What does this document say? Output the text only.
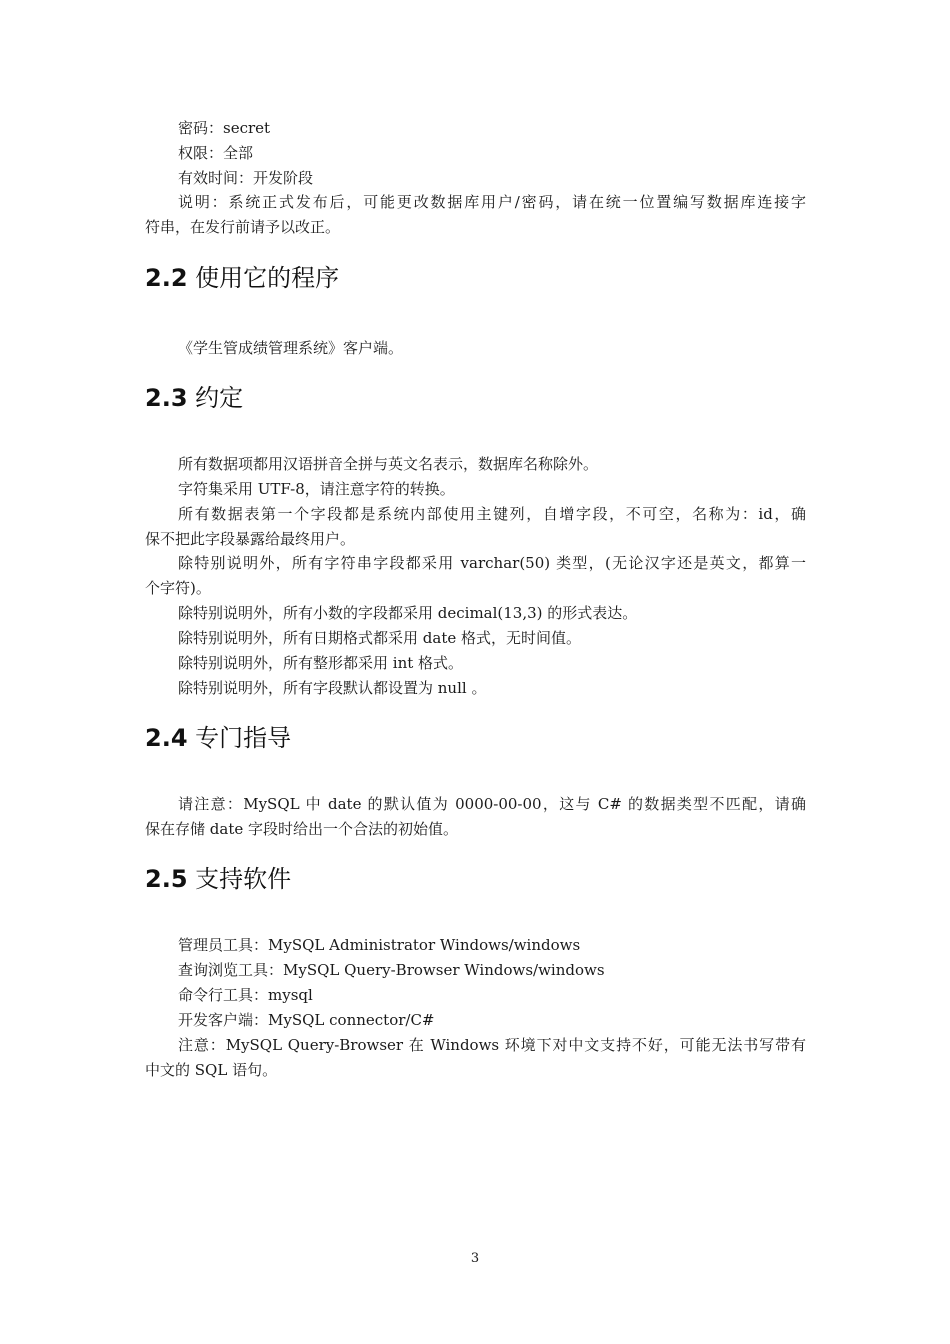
密码：secret
权限：全部
有效时间：开发阶段
说明：系统正式发布后，可能更改数据库用户/密码，请在统一位置编写数据库连接字
符串，在发行前请予以改正。
2.2 使用它的程序
《学生管成绩管理系统》客户端。
2.3 约定
所有数据项都用汉语拼音全拼与英文名表示，数据库名称除外。
字符集采用 UTF-8，请注意字符的转换。
所有数据表第一个字段都是系统内部使用主键列，自增字段，不可空，名称为：id，确
保不把此字段暴露给最终用户。
除特别说明外，所有字符串字段都采用 varchar(50) 类型，(无论汉字还是英文，都算一
个字符)。
除特别说明外，所有小数的字段都采用 decimal(13,3) 的形式表达。
除特别说明外，所有日期格式都采用 date 格式，无时间值。
除特别说明外，所有整形都采用 int 格式。
除特别说明外，所有字段默认都设置为 null 。
2.4 专门指导
请注意：MySQL 中 date 的默认值为 0000-00-00，这与 C# 的数据类型不匹配，请确
保在存储 date 字段时给出一个合法的初始值。
2.5 支持软件
管理员工具：MySQL Administrator Windows/windows
查询浏览工具：MySQL Query-Browser Windows/windows
命令行工具：mysql
开发客户端：MySQL connector/C#
注意：MySQL Query-Browser 在 Windows 环境下对中文支持不好，可能无法书写带有
中文的 SQL 语句。
3
